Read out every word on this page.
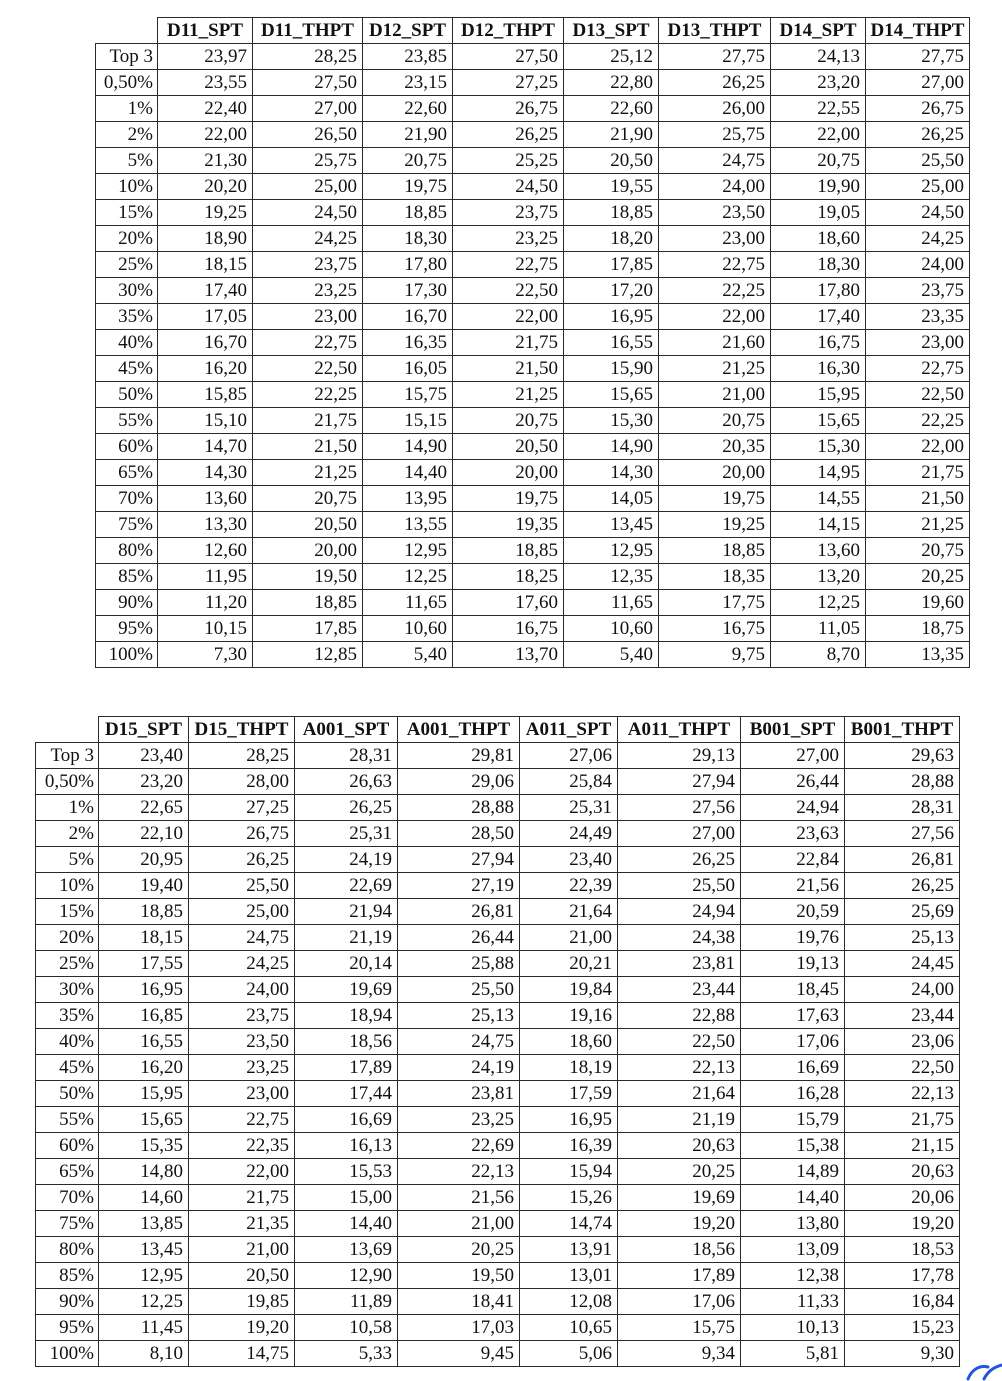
	D11_SPT	D11_THPT	D12_SPT	D12_THPT	D13_SPT	D13_THPT	D14_SPT	D14_THPT
Top 3	23,97	28,25	23,85	27,50	25,12	27,75	24,13	27,75
0,50%	23,55	27,50	23,15	27,25	22,80	26,25	23,20	27,00
1%	22,40	27,00	22,60	26,75	22,60	26,00	22,55	26,75
2%	22,00	26,50	21,90	26,25	21,90	25,75	22,00	26,25
5%	21,30	25,75	20,75	25,25	20,50	24,75	20,75	25,50
10%	20,20	25,00	19,75	24,50	19,55	24,00	19,90	25,00
15%	19,25	24,50	18,85	23,75	18,85	23,50	19,05	24,50
20%	18,90	24,25	18,30	23,25	18,20	23,00	18,60	24,25
25%	18,15	23,75	17,80	22,75	17,85	22,75	18,30	24,00
30%	17,40	23,25	17,30	22,50	17,20	22,25	17,80	23,75
35%	17,05	23,00	16,70	22,00	16,95	22,00	17,40	23,35
40%	16,70	22,75	16,35	21,75	16,55	21,60	16,75	23,00
45%	16,20	22,50	16,05	21,50	15,90	21,25	16,30	22,75
50%	15,85	22,25	15,75	21,25	15,65	21,00	15,95	22,50
55%	15,10	21,75	15,15	20,75	15,30	20,75	15,65	22,25
60%	14,70	21,50	14,90	20,50	14,90	20,35	15,30	22,00
65%	14,30	21,25	14,40	20,00	14,30	20,00	14,95	21,75
70%	13,60	20,75	13,95	19,75	14,05	19,75	14,55	21,50
75%	13,30	20,50	13,55	19,35	13,45	19,25	14,15	21,25
80%	12,60	20,00	12,95	18,85	12,95	18,85	13,60	20,75
85%	11,95	19,50	12,25	18,25	12,35	18,35	13,20	20,25
90%	11,20	18,85	11,65	17,60	11,65	17,75	12,25	19,60
95%	10,15	17,85	10,60	16,75	10,60	16,75	11,05	18,75
100%	7,30	12,85	5,40	13,70	5,40	9,75	8,70	13,35
	D15_SPT	D15_THPT	A001_SPT	A001_THPT	A011_SPT	A011_THPT	B001_SPT	B001_THPT
Top 3	23,40	28,25	28,31	29,81	27,06	29,13	27,00	29,63
0,50%	23,20	28,00	26,63	29,06	25,84	27,94	26,44	28,88
1%	22,65	27,25	26,25	28,88	25,31	27,56	24,94	28,31
2%	22,10	26,75	25,31	28,50	24,49	27,00	23,63	27,56
5%	20,95	26,25	24,19	27,94	23,40	26,25	22,84	26,81
10%	19,40	25,50	22,69	27,19	22,39	25,50	21,56	26,25
15%	18,85	25,00	21,94	26,81	21,64	24,94	20,59	25,69
20%	18,15	24,75	21,19	26,44	21,00	24,38	19,76	25,13
25%	17,55	24,25	20,14	25,88	20,21	23,81	19,13	24,45
30%	16,95	24,00	19,69	25,50	19,84	23,44	18,45	24,00
35%	16,85	23,75	18,94	25,13	19,16	22,88	17,63	23,44
40%	16,55	23,50	18,56	24,75	18,60	22,50	17,06	23,06
45%	16,20	23,25	17,89	24,19	18,19	22,13	16,69	22,50
50%	15,95	23,00	17,44	23,81	17,59	21,64	16,28	22,13
55%	15,65	22,75	16,69	23,25	16,95	21,19	15,79	21,75
60%	15,35	22,35	16,13	22,69	16,39	20,63	15,38	21,15
65%	14,80	22,00	15,53	22,13	15,94	20,25	14,89	20,63
70%	14,60	21,75	15,00	21,56	15,26	19,69	14,40	20,06
75%	13,85	21,35	14,40	21,00	14,74	19,20	13,80	19,20
80%	13,45	21,00	13,69	20,25	13,91	18,56	13,09	18,53
85%	12,95	20,50	12,90	19,50	13,01	17,89	12,38	17,78
90%	12,25	19,85	11,89	18,41	12,08	17,06	11,33	16,84
95%	11,45	19,20	10,58	17,03	10,65	15,75	10,13	15,23
100%	8,10	14,75	5,33	9,45	5,06	9,34	5,81	9,30
